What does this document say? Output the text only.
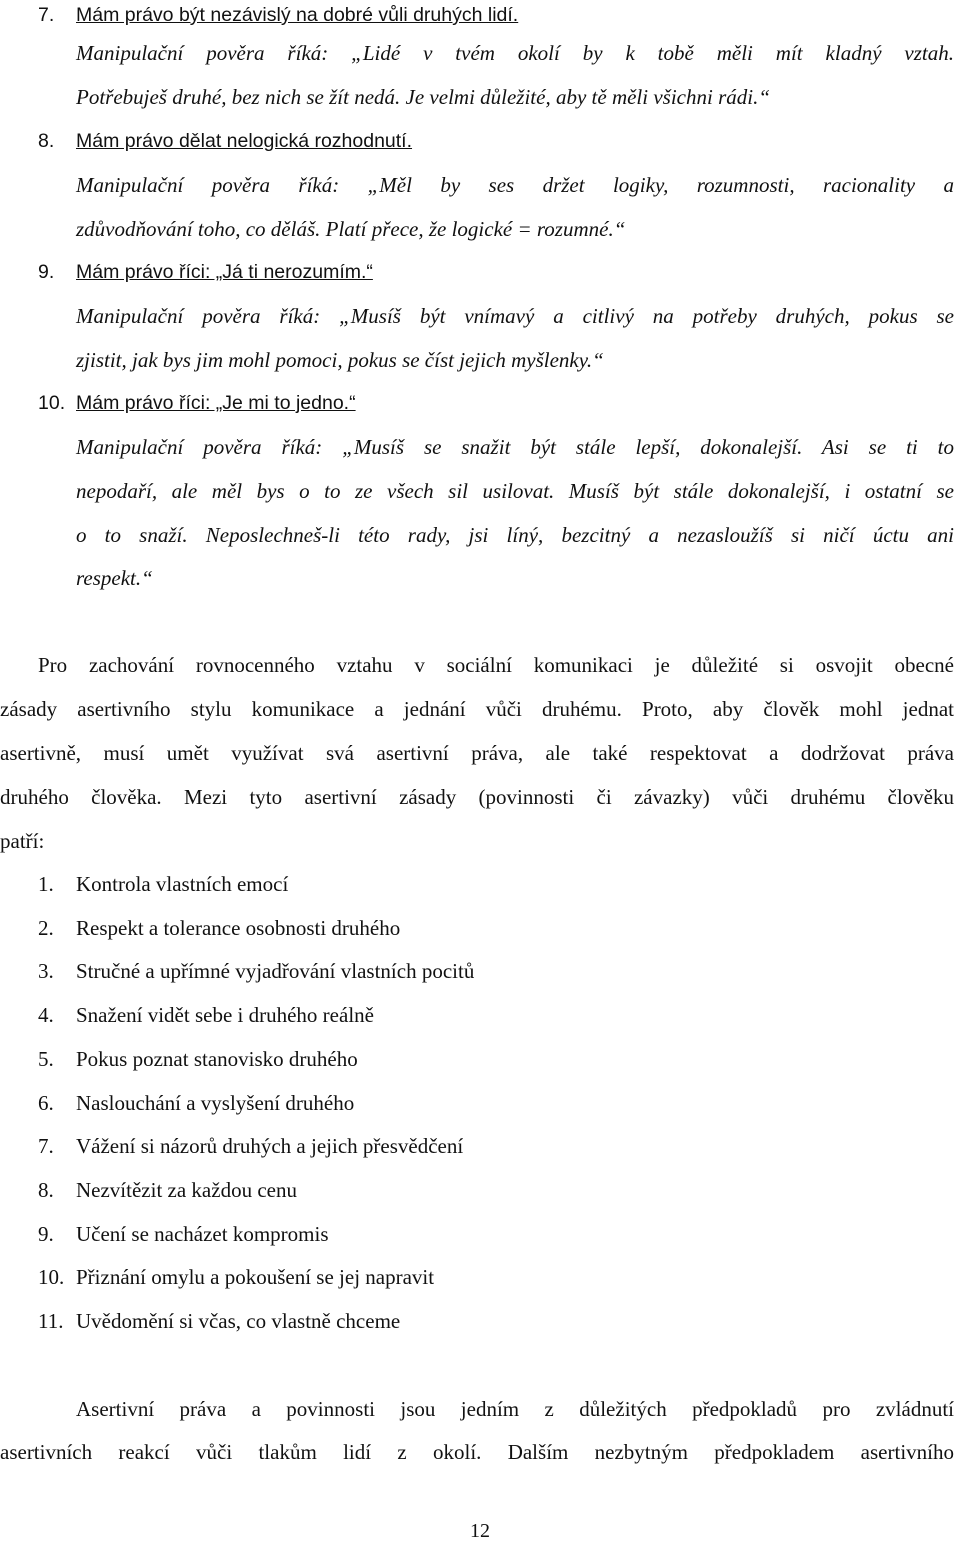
7. Mám právo být nezávislý na dobré vůli druhých lidí.
Manipulační pověra říká: „Lidé v tvém okolí by k tobě měli mít kladný vztah.
Potřebuješ druhé, bez nich se žít nedá. Je velmi důležité, aby tě měli všichni rádi.“
8. Mám právo dělat nelogická rozhodnutí.
Manipulační pověra říká: „Měl by ses držet logiky, rozumnosti, racionality a
zdůvodňování toho, co děláš. Platí přece, že logické = rozumné.“
9. Mám právo říci: „Já ti nerozumím.“
Manipulační pověra říká: „Musíš být vnímavý a citlivý na potřeby druhých, pokus se
zjistit, jak bys jim mohl pomoci, pokus se číst jejich myšlenky.“
10. Mám právo říci: „Je mi to jedno.“
Manipulační pověra říká: „Musíš se snažit být stále lepší, dokonalejší. Asi se ti to
nepodaří, ale měl bys o to ze všech sil usilovat. Musíš být stále dokonalejší, i ostatní se
o to snaží. Neposlechneš-li této rady, jsi líný, bezcitný a nezasloužíš si ničí úctu ani
respekt.“
Pro zachování rovnocenného vztahu v sociální komunikaci je důležité si osvojit obecné
zásady asertivního stylu komunikace a jednání vůči druhému. Proto, aby člověk mohl jednat
asertivně, musí umět využívat svá asertivní práva, ale také respektovat a dodržovat práva
druhého člověka. Mezi tyto asertivní zásady (povinnosti či závazky) vůči druhému člověku
patří:
1. Kontrola vlastních emocí
2. Respekt a tolerance osobnosti druhého
3. Stručné a upřímné vyjadřování vlastních pocitů
4. Snažení vidět sebe i druhého reálně
5. Pokus poznat stanovisko druhého
6. Naslouchání a vyslyšení druhého
7. Vážení si názorů druhých a jejich přesvědčení
8. Nezvítězit za každou cenu
9. Učení se nacházet kompromis
10. Přiznání omylu a pokoušení se jej napravit
11. Uvědomění si včas, co vlastně chceme
Asertivní práva a povinnosti jsou jedním z důležitých předpokladů pro zvládnutí
asertivních reakcí vůči tlakům lidí z okolí. Dalším nezbytným předpokladem asertivního
12
